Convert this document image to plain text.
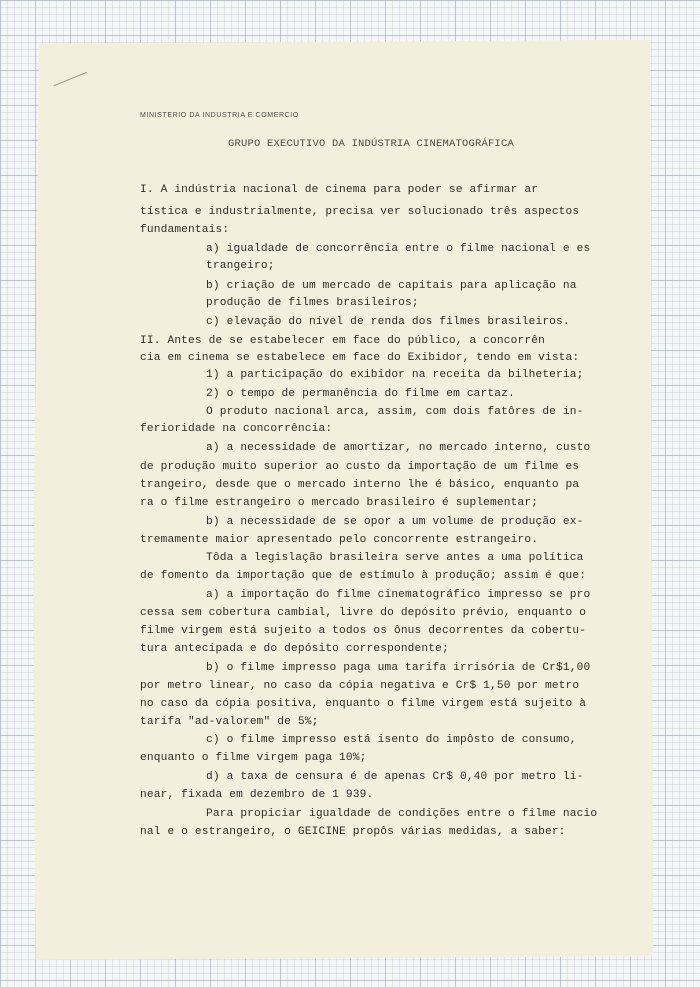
MINISTERIO DA INDUSTRIA E COMERCIO
GRUPO EXECUTIVO DA INDÚSTRIA CINEMATOGRÁFICA
I. A indústria nacional de cinema para poder se afirmar ar
tística e industrialmente, precisa ver solucionado três aspectos
fundamentais:
a) igualdade de concorrência entre o filme nacional e es
trangeiro;
b) criação de um mercado de capitais para aplicação na
produção de filmes brasileiros;
c) elevação do nível de renda dos filmes brasileiros.
II. Antes de se estabelecer em face do público, a concorrên
cia em cinema se estabelece em face do Exibidor, tendo em vista:
1) a participação do exibidor na receita da bilheteria;
2) o tempo de permanência do filme em cartaz.
O produto nacional arca, assim, com dois fatôres de in-
ferioridade na concorrência:
a) a necessidade de amortizar, no mercado interno, custo
de produção muito superior ao custo da importação de um filme es
trangeiro, desde que o mercado interno lhe é básico, enquanto pa
ra o filme estrangeiro o mercado brasileiro é suplementar;
b) a necessidade de se opor a um volume de produção ex-
tremamente maior apresentado pelo concorrente estrangeiro.
Tôda a legislação brasileira serve antes a uma política
de fomento da importação que de estímulo à produção; assim é que:
a) a importação do filme cinematográfico impresso se pro
cessa sem cobertura cambial, livre do depósito prévio, enquanto o
filme virgem está sujeito a todos os ônus decorrentes da cobertu-
tura antecipada e do depósito correspondente;
b) o filme impresso paga uma tarifa irrisória de Cr$1,00
por metro linear, no caso da cópia negativa e Cr$ 1,50 por metro
no caso da cópia positiva, enquanto o filme virgem está sujeito à
tarifa "ad-valorem" de 5%;
c) o filme impresso está isento do impôsto de consumo,
enquanto o filme virgem paga 10%;
d) a taxa de censura é de apenas Cr$ 0,40 por metro li-
near, fixada em dezembro de 1 939.
Para propiciar igualdade de condições entre o filme nacio
nal e o estrangeiro, o GEICINE propôs várias medidas, a saber:
